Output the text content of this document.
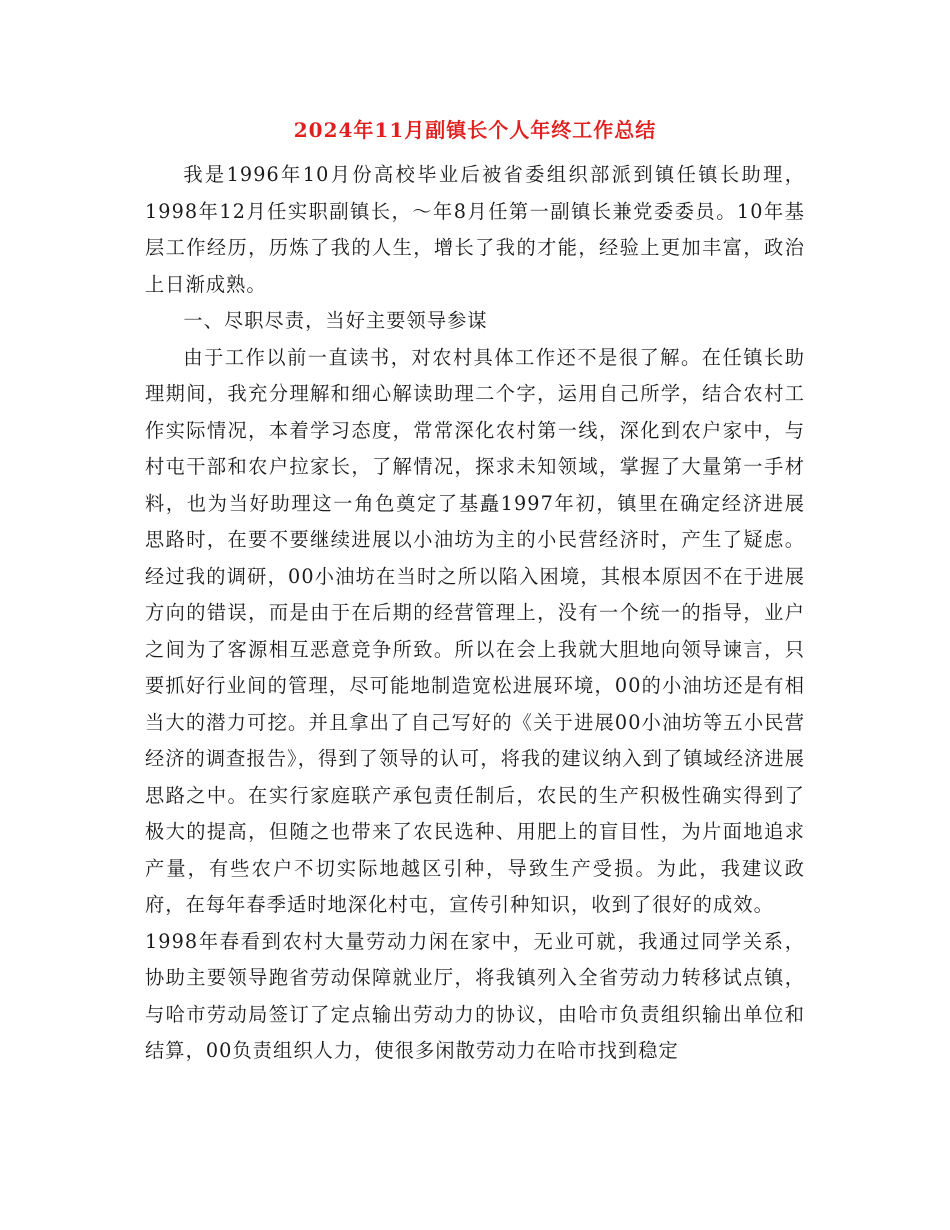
2024年11月副镇长个人年终工作总结

我是1996年10月份高校毕业后被省委组织部派到镇任镇长助理，1998年12月任实职副镇长，～年8月任第一副镇长兼党委委员。10年基层工作经历，历炼了我的人生，增长了我的才能，经验上更加丰富，政治上日渐成熟。

一、尽职尽责，当好主要领导参谋

由于工作以前一直读书，对农村具体工作还不是很了解。在任镇长助理期间，我充分理解和细心解读助理二个字，运用自己所学，结合农村工作实际情况，本着学习态度，常常深化农村第一线，深化到农户家中，与村屯干部和农户拉家长，了解情况，探求未知领域，掌握了大量第一手材料，也为当好助理这一角色奠定了基矗1997年初，镇里在确定经济进展思路时，在要不要继续进展以小油坊为主的小民营经济时，产生了疑虑。经过我的调研，00小油坊在当时之所以陷入困境，其根本原因不在于进展方向的错误，而是由于在后期的经营管理上，没有一个统一的指导，业户之间为了客源相互恶意竞争所致。所以在会上我就大胆地向领导谏言，只要抓好行业间的管理，尽可能地制造宽松进展环境，00的小油坊还是有相当大的潜力可挖。并且拿出了自己写好的《关于进展00小油坊等五小民营经济的调查报告》，得到了领导的认可，将我的建议纳入到了镇域经济进展思路之中。在实行家庭联产承包责任制后，农民的生产积极性确实得到了极大的提高，但随之也带来了农民选种、用肥上的盲目性，为片面地追求产量，有些农户不切实际地越区引种，导致生产受损。为此，我建议政府，在每年春季适时地深化村屯，宣传引种知识，收到了很好的成效。

1998年春看到农村大量劳动力闲在家中，无业可就，我通过同学关系，协助主要领导跑省劳动保障就业厅，将我镇列入全省劳动力转移试点镇，与哈市劳动局签订了定点输出劳动力的协议，由哈市负责组织输出单位和结算，00负责组织人力，使很多闲散劳动力在哈市找到稳定
